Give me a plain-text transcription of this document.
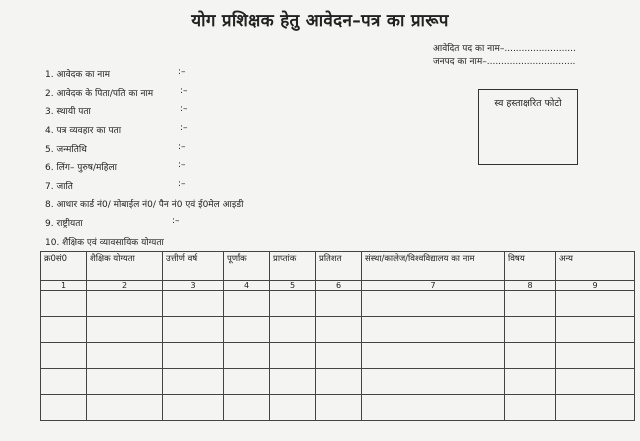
योग प्रशिक्षक हेतु आवेदन–पत्र का प्रारूप
आवेदित पद का नाम–.........................
जनपद का नाम–...............................
स्व हस्ताक्षरित फोटो
1. आवेदक का नाम	:–
2. आवेदक के पिता/पति का नाम	:–
3. स्थायी पता	:–
4. पत्र व्यवहार का पता	:–
5. जन्मतिथि	:–
6. लिंग– पुरुष/महिला	:–
7. जाति	:–
8. आधार कार्ड नं0/ मोबाईल नं0/ पैन नं0 एवं ई0मेल आइडी
9. राष्ट्रीयता	:–
10. शैक्षिक एवं व्यावसायिक योग्यता
क्र0सं0	शैक्षिक योग्यता	उत्तीर्ण वर्ष	पूर्णांक	प्राप्तांक	प्रतिशत	संस्था/कालेज/विश्वविद्यालय का नाम	विषय	अन्य
1	2	3	4	5	6	7	8	9
